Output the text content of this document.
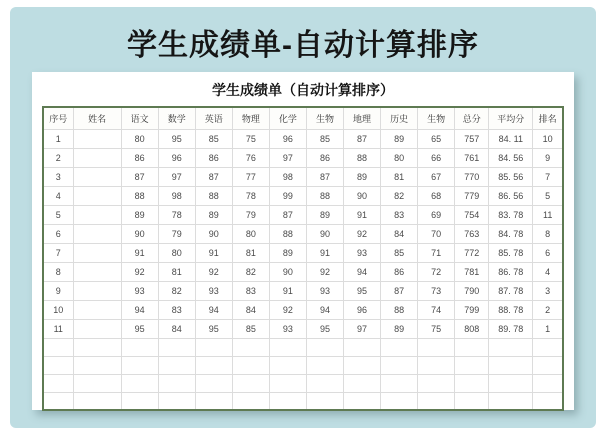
学生成绩单-自动计算排序
学生成绩单（自动计算排序）
序号	姓名	语文	数学	英语	物理	化学	生物	地理	历史	生物	总分	平均分	排名
1		80	95	85	75	96	85	87	89	65	757	84. 11	10
2		86	96	86	76	97	86	88	80	66	761	84. 56	9
3		87	97	87	77	98	87	89	81	67	770	85. 56	7
4		88	98	88	78	99	88	90	82	68	779	86. 56	5
5		89	78	89	79	87	89	91	83	69	754	83. 78	11
6		90	79	90	80	88	90	92	84	70	763	84. 78	8
7		91	80	91	81	89	91	93	85	71	772	85. 78	6
8		92	81	92	82	90	92	94	86	72	781	86. 78	4
9		93	82	93	83	91	93	95	87	73	790	87. 78	3
10		94	83	94	84	92	94	96	88	74	799	88. 78	2
11		95	84	95	85	93	95	97	89	75	808	89. 78	1
